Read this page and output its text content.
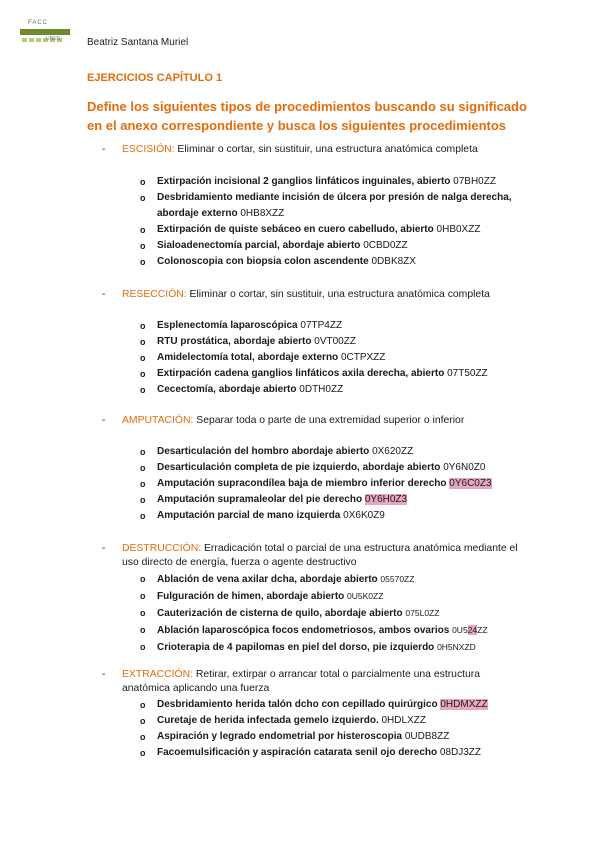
FACC
UNED	Beatriz Santana Muriel
EJERCICIOS CAPÍTULO 1
Define los siguientes tipos de procedimientos buscando su significado en el anexo correspondiente y busca los siguientes procedimientos
- ESCISIÓN: Eliminar o cortar, sin sustituir, una estructura anatómica completa
o Extirpación incisional 2 ganglios linfáticos inguinales, abierto 07BH0ZZ
o Desbridamiento mediante incisión de úlcera por presión de nalga derecha, abordaje externo 0HB8XZZ
o Extirpación de quiste sebáceo en cuero cabelludo, abierto 0HB0XZZ
o Sialoadenectomía parcial, abordaje abierto 0CBD0ZZ
o Colonoscopia con biopsia colon ascendente 0DBK8ZX
- RESECCIÓN: Eliminar o cortar, sin sustituir, una estructura anatómica completa
o Esplenectomía laparoscópica 07TP4ZZ
o RTU prostática, abordaje abierto 0VT00ZZ
o Amidelectomía total, abordaje externo 0CTPXZZ
o Extirpación cadena ganglios linfáticos axila derecha, abierto 07T50ZZ
o Cecectomía, abordaje abierto 0DTH0ZZ
- AMPUTACIÓN: Separar toda o parte de una extremidad superior o inferior
o Desarticulación del hombro abordaje abierto 0X620ZZ
o Desarticulación completa de pie izquierdo, abordaje abierto 0Y6N0Z0
o Amputación supracondílea baja de miembro inferior derecho 0Y6C0Z3
o Amputación supramaleolar del pie derecho 0Y6H0Z3
o Amputación parcial de mano izquierda 0X6K0Z9
- DESTRUCCIÓN: Erradicación total o parcial de una estructura anatómica mediante el uso directo de energía, fuerza o agente destructivo
o Ablación de vena axilar dcha, abordaje abierto 05570ZZ
o Fulguración de himen, abordaje abierto 0U5K0ZZ
o Cauterización de cisterna de quilo, abordaje abierto 075L0ZZ
o Ablación laparoscópica focos endometriosos, ambos ovarios 0U524ZZ
o Crioterapia de 4 papilomas en piel del dorso, pie izquierdo 0H5NXZD
- EXTRACCIÓN: Retirar, extirpar o arrancar total o parcialmente una estructura anatómica aplicando una fuerza
o Desbridamiento herida talón dcho con cepillado quirúrgico 0HDMXZZ
o Curetaje de herida infectada gemelo izquierdo. 0HDLXZZ
o Aspiración y legrado endometrial por histeroscopia 0UDB8ZZ
o Facoemulsificación y aspiración catarata senil ojo derecho 08DJ3ZZ
